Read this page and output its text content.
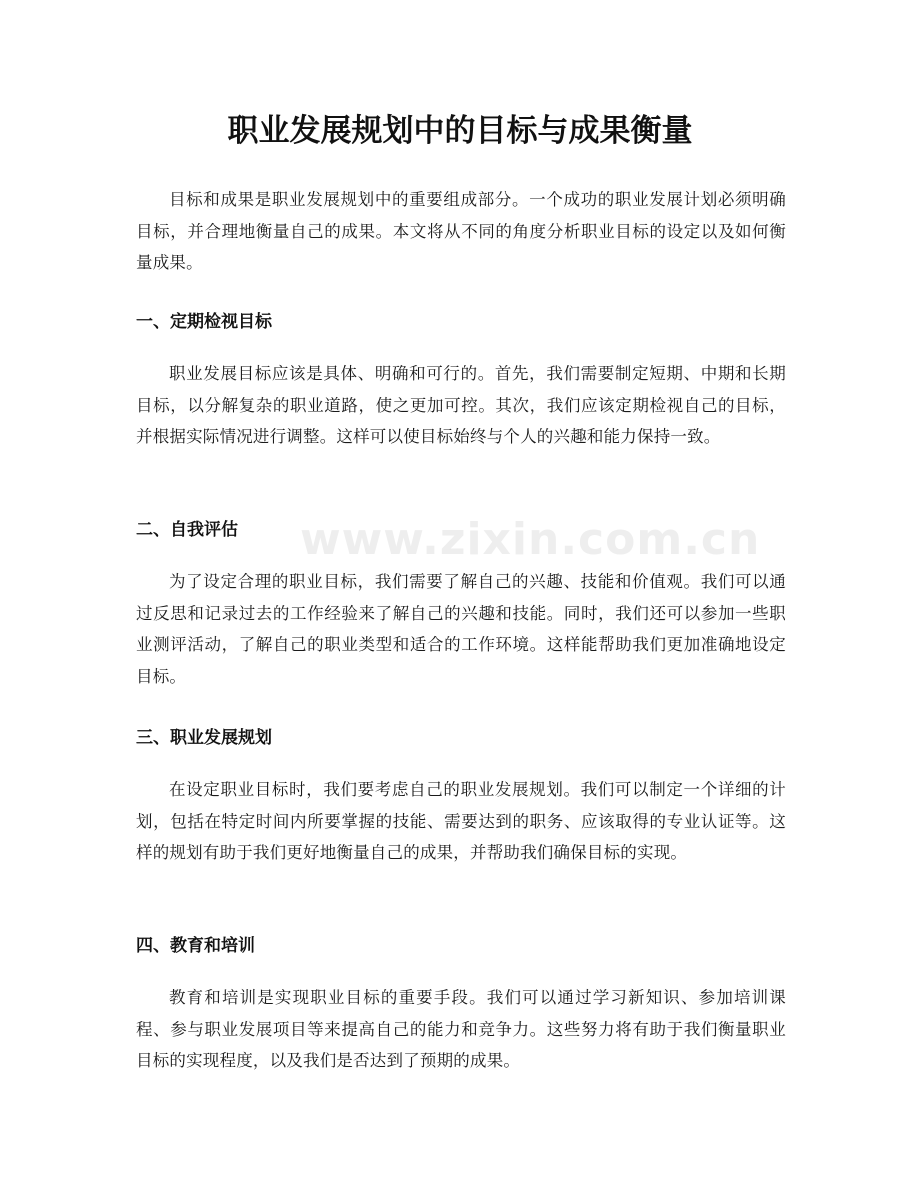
www.zixin.com.cn
职业发展规划中的目标与成果衡量

目标和成果是职业发展规划中的重要组成部分。一个成功的职业发展计划必须明确目标，并合理地衡量自己的成果。本文将从不同的角度分析职业目标的设定以及如何衡量成果。

一、定期检视目标

职业发展目标应该是具体、明确和可行的。首先，我们需要制定短期、中期和长期目标，以分解复杂的职业道路，使之更加可控。其次，我们应该定期检视自己的目标，并根据实际情况进行调整。这样可以使目标始终与个人的兴趣和能力保持一致。

二、自我评估

为了设定合理的职业目标，我们需要了解自己的兴趣、技能和价值观。我们可以通过反思和记录过去的工作经验来了解自己的兴趣和技能。同时，我们还可以参加一些职业测评活动，了解自己的职业类型和适合的工作环境。这样能帮助我们更加准确地设定目标。

三、职业发展规划

在设定职业目标时，我们要考虑自己的职业发展规划。我们可以制定一个详细的计划，包括在特定时间内所要掌握的技能、需要达到的职务、应该取得的专业认证等。这样的规划有助于我们更好地衡量自己的成果，并帮助我们确保目标的实现。

四、教育和培训

教育和培训是实现职业目标的重要手段。我们可以通过学习新知识、参加培训课程、参与职业发展项目等来提高自己的能力和竞争力。这些努力将有助于我们衡量职业目标的实现程度，以及我们是否达到了预期的成果。
